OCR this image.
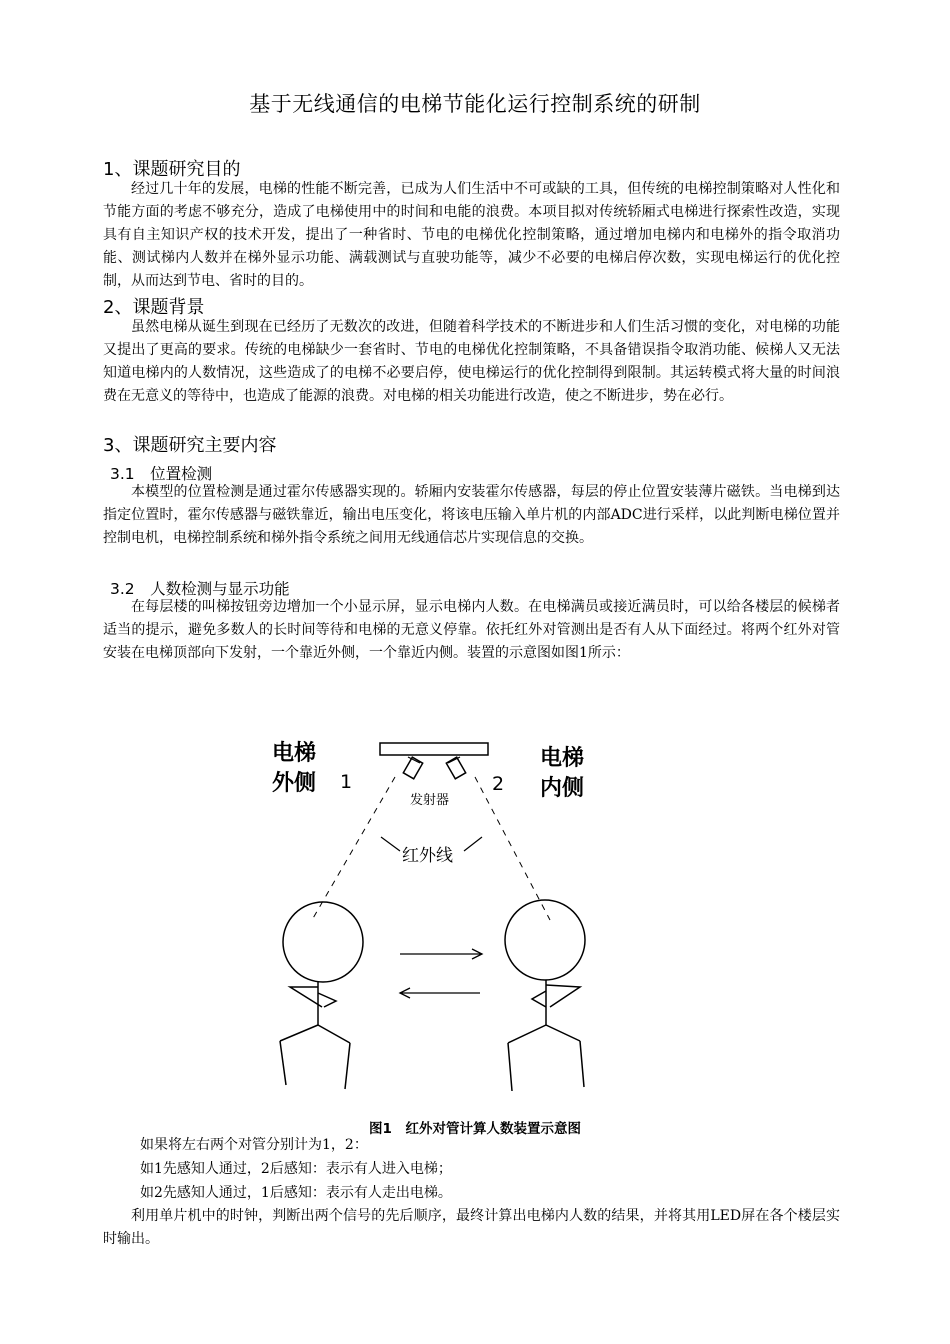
基于无线通信的电梯节能化运行控制系统的研制
1、课题研究目的

经过几十年的发展，电梯的性能不断完善，已成为人们生活中不可或缺的工具，但传统的电梯控制策略对人性化和节能方面的考虑不够充分，造成了电梯使用中的时间和电能的浪费。本项目拟对传统轿厢式电梯进行探索性改造，实现具有自主知识产权的技术开发，提出了一种省时、节电的电梯优化控制策略，通过增加电梯内和电梯外的指令取消功能、测试梯内人数并在梯外显示功能、满载测试与直驶功能等，减少不必要的电梯启停次数，实现电梯运行的优化控制，从而达到节电、省时的目的。

2、课题背景

虽然电梯从诞生到现在已经历了无数次的改进，但随着科学技术的不断进步和人们生活习惯的变化，对电梯的功能又提出了更高的要求。传统的电梯缺少一套省时、节电的电梯优化控制策略，不具备错误指令取消功能、候梯人又无法知道电梯内的人数情况，这些造成了的电梯不必要启停，使电梯运行的优化控制得到限制。其运转模式将大量的时间浪费在无意义的等待中，也造成了能源的浪费。对电梯的相关功能进行改造，使之不断进步，势在必行。

3、课题研究主要内容
3.1　位置检测

本模型的位置检测是通过霍尔传感器实现的。轿厢内安装霍尔传感器，每层的停止位置安装薄片磁铁。当电梯到达指定位置时，霍尔传感器与磁铁靠近，输出电压变化，将该电压输入单片机的内部ADC进行采样，以此判断电梯位置并控制电机，电梯控制系统和梯外指令系统之间用无线通信芯片实现信息的交换。

3.2　人数检测与显示功能

在每层楼的叫梯按钮旁边增加一个小显示屏，显示电梯内人数。在电梯满员或接近满员时，可以给各楼层的候梯者适当的提示，避免多数人的长时间等待和电梯的无意义停靠。依托红外对管测出是否有人从下面经过。将两个红外对管安装在电梯顶部向下发射，一个靠近外侧，一个靠近内侧。装置的示意图如图1所示：

电梯
外侧 1
电梯
内侧
2
发射器
红外线
图1　红外对管计算人数装置示意图

如果将左右两个对管分别计为1，2：

如1先感知人通过，2后感知：表示有人进入电梯；

如2先感知人通过，1后感知：表示有人走出电梯。

利用单片机中的时钟，判断出两个信号的先后顺序，最终计算出电梯内人数的结果，并将其用LED屏在各个楼层实时输出。
